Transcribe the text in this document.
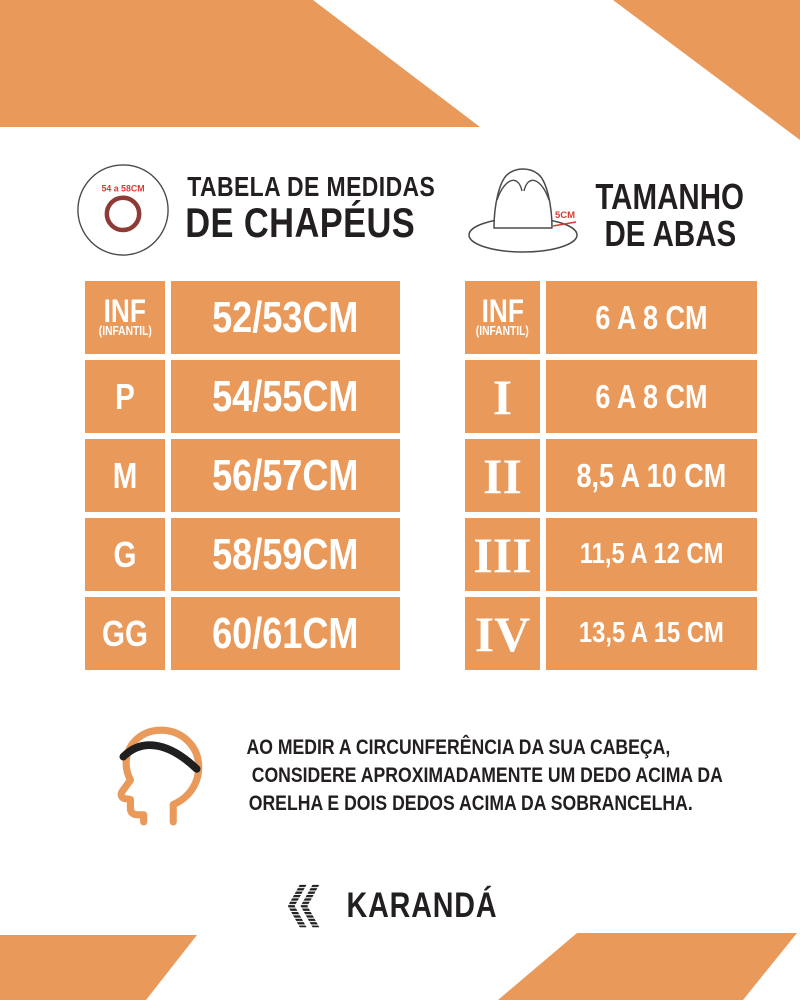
54 a 58CM	TABELA DE MEDIDAS
DE CHAPÉUS	5CM TAMANHO
DE ABAS
INF
(INFANTIL) 52/53CM
P 54/55CM
M 56/57CM
G 58/59CM
GG 60/61CM
INF
(INFANTIL) 6 A 8 CM
I	6 A 8 CM
II 8,5 A 10 CM
III 11,5 A 12 CM
IV 13,5 A 15 CM
AO MEDIR A CIRCUNFERÊNCIA DA SUA CABEÇA,
CONSIDERE APROXIMADAMENTE UM DEDO ACIMA DA
ORELHA E DOIS DEDOS ACIMA DA SOBRANCELHA.
KARANDÁ
